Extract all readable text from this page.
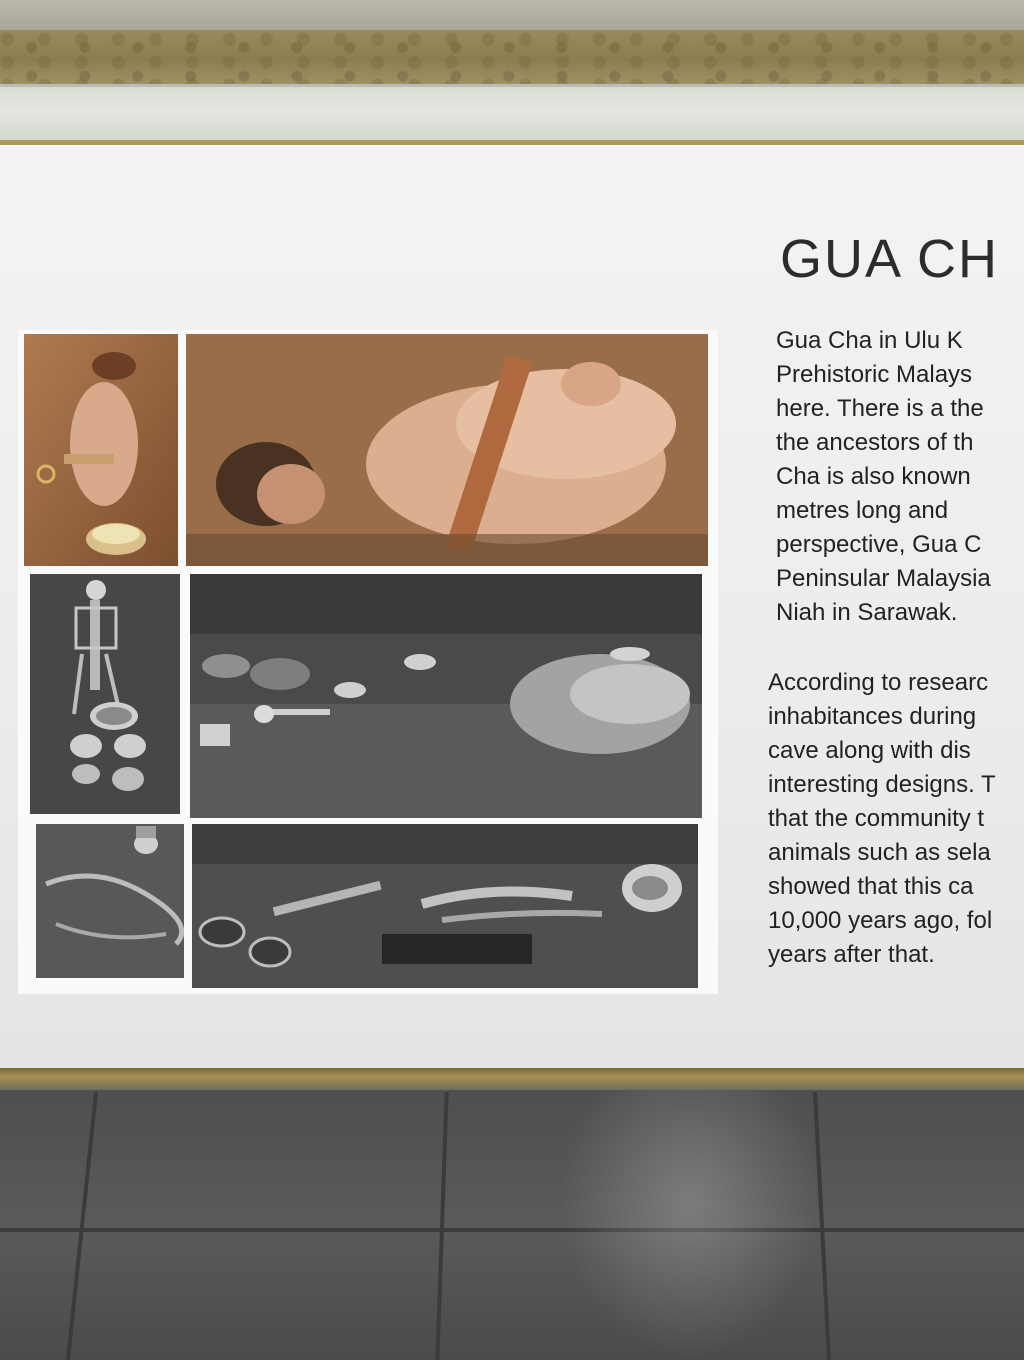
GUA CH
Gua Cha in Ulu K
Prehistoric Malays
here. There is a the
the ancestors of th
Cha is also known
metres long and
perspective, Gua C
Peninsular Malaysia
Niah in Sarawak.
According to researc
inhabitances during
cave along with dis
interesting designs. T
that the community t
animals such as sela
showed that this ca
10,000 years ago, fol
years after that.
